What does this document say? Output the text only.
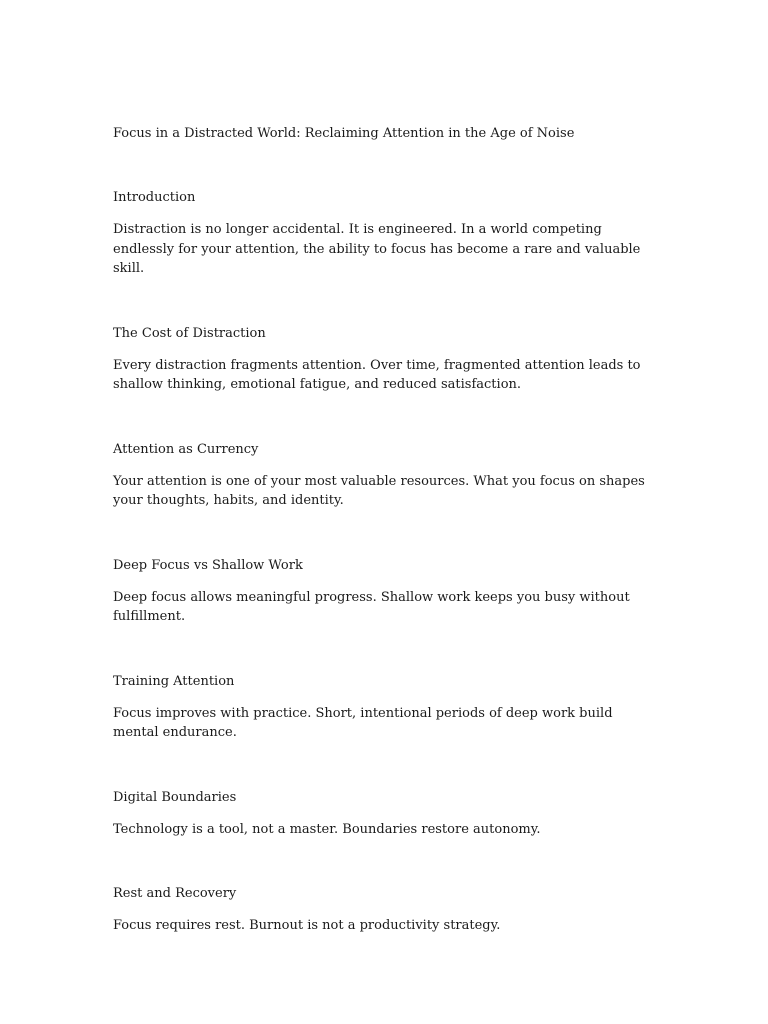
Focus in a Distracted World: Reclaiming Attention in the Age of Noise

Introduction

Distraction is no longer accidental. It is engineered. In a world competing endlessly for your attention, the ability to focus has become a rare and valuable skill.

The Cost of Distraction

Every distraction fragments attention. Over time, fragmented attention leads to shallow thinking, emotional fatigue, and reduced satisfaction.

Attention as Currency

Your attention is one of your most valuable resources. What you focus on shapes your thoughts, habits, and identity.

Deep Focus vs Shallow Work

Deep focus allows meaningful progress. Shallow work keeps you busy without fulfillment.

Training Attention

Focus improves with practice. Short, intentional periods of deep work build mental endurance.

Digital Boundaries

Technology is a tool, not a master. Boundaries restore autonomy.

Rest and Recovery

Focus requires rest. Burnout is not a productivity strategy.
